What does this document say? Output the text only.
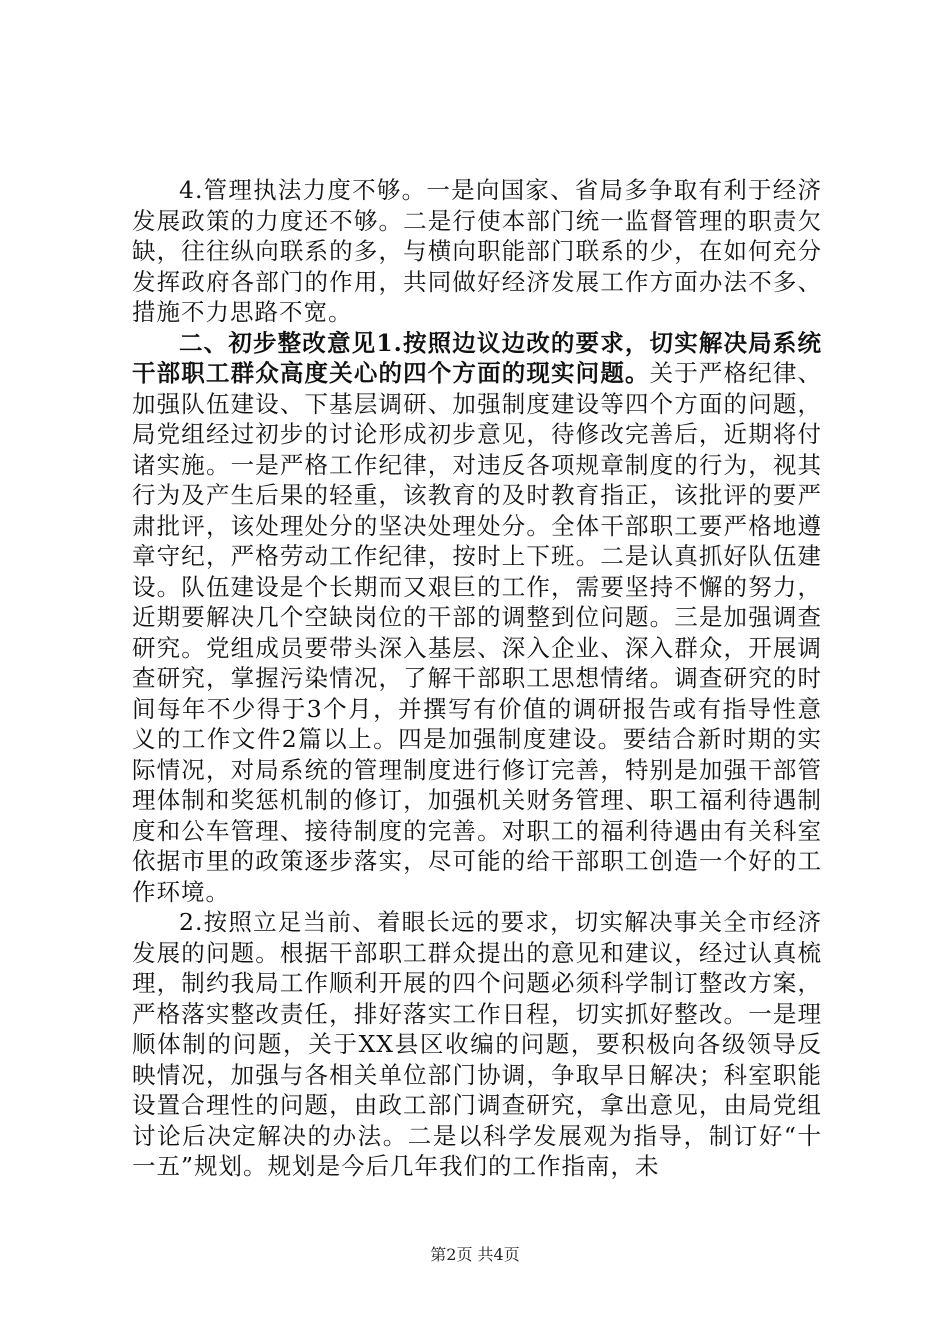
4.管理执法力度不够。一是向国家、省局多争取有利于经济发展政策的力度还不够。二是行使本部门统一监督管理的职责欠缺，往往纵向联系的多，与横向职能部门联系的少，在如何充分发挥政府各部门的作用，共同做好经济发展工作方面办法不多、措施不力思路不宽。

二、初步整改意见1.按照边议边改的要求，切实解决局系统干部职工群众高度关心的四个方面的现实问题。关于严格纪律、加强队伍建设、下基层调研、加强制度建设等四个方面的问题，局党组经过初步的讨论形成初步意见，待修改完善后，近期将付诸实施。一是严格工作纪律，对违反各项规章制度的行为，视其行为及产生后果的轻重，该教育的及时教育指正，该批评的要严肃批评，该处理处分的坚决处理处分。全体干部职工要严格地遵章守纪，严格劳动工作纪律，按时上下班。二是认真抓好队伍建设。队伍建设是个长期而又艰巨的工作，需要坚持不懈的努力，近期要解决几个空缺岗位的干部的调整到位问题。三是加强调查研究。党组成员要带头深入基层、深入企业、深入群众，开展调查研究，掌握污染情况，了解干部职工思想情绪。调查研究的时间每年不少得于3个月，并撰写有价值的调研报告或有指导性意义的工作文件2篇以上。四是加强制度建设。要结合新时期的实际情况，对局系统的管理制度进行修订完善，特别是加强干部管理体制和奖惩机制的修订，加强机关财务管理、职工福利待遇制度和公车管理、接待制度的完善。对职工的福利待遇由有关科室依据市里的政策逐步落实，尽可能的给干部职工创造一个好的工作环境。

2.按照立足当前、着眼长远的要求，切实解决事关全市经济发展的问题。根据干部职工群众提出的意见和建议，经过认真梳理，制约我局工作顺利开展的四个问题必须科学制订整改方案，严格落实整改责任，排好落实工作日程，切实抓好整改。一是理顺体制的问题，关于XX县区收编的问题，要积极向各级领导反映情况，加强与各相关单位部门协调，争取早日解决；科室职能设置合理性的问题，由政工部门调查研究，拿出意见，由局党组讨论后决定解决的办法。二是以科学发展观为指导，制订好“十一五”规划。规划是今后几年我们的工作指南，未

第2页 共4页
